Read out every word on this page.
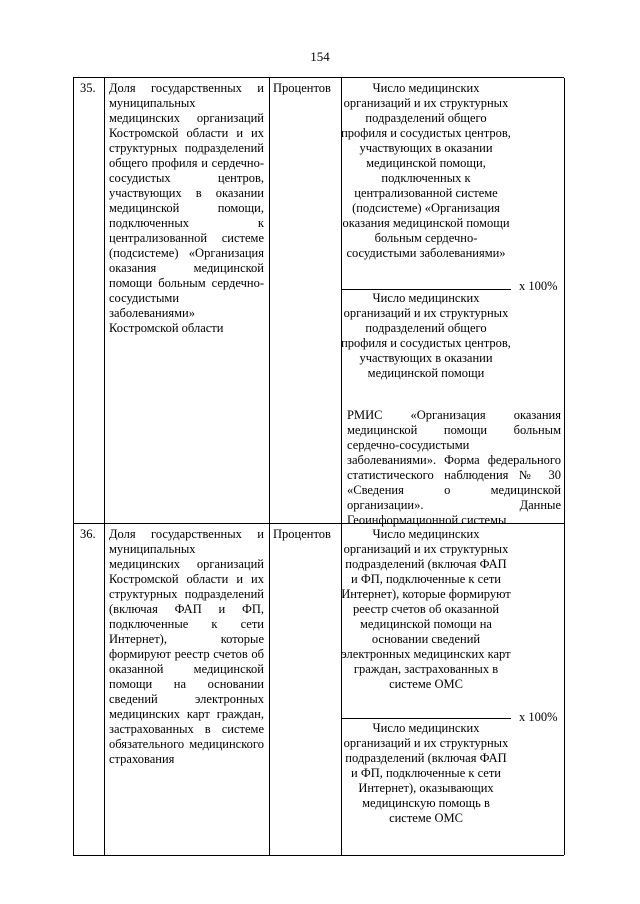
154
35. Доля государственных и муниципальных медицинских организаций Костромской области и их структурных подразделений общего профиля и сердечно-сосудистых центров, участвующих в оказании медицинской помощи, подключенных к централизованной системе (подсистеме) «Организация оказания медицинской помощи больным сердечно-сосудистыми заболеваниями» Костромской области
Процентов	Число медицинских организаций и их структурных подразделений общего профиля и сосудистых центров, участвующих в оказании медицинской помощи, подключенных к централизованной системе (подсистеме) «Организация оказания медицинской помощи больным сердечно-сосудистыми заболеваниями»
х 100%
Число медицинских организаций и их структурных подразделений общего профиля и сосудистых центров, участвующих в оказании медицинской помощи
РМИС «Организация оказания медицинской помощи больным сердечно-сосудистыми заболеваниями». Форма федерального статистического наблюдения № 30 «Сведения о медицинской организации». Данные Геоинформационной системы
36. Доля государственных и муниципальных медицинских организаций Костромской области и их структурных подразделений (включая ФАП и ФП, подключенные к сети Интернет), которые формируют реестр счетов об оказанной медицинской помощи на основании сведений электронных медицинских карт граждан, застрахованных в системе обязательного медицинского страхования
Процентов	Число медицинских организаций и их структурных подразделений (включая ФАП и ФП, подключенные к сети Интернет), которые формируют реестр счетов об оказанной медицинской помощи на основании сведений электронных медицинских карт граждан, застрахованных в системе ОМС
х 100%
Число медицинских организаций и их структурных подразделений (включая ФАП и ФП, подключенные к сети Интернет), оказывающих медицинскую помощь в системе ОМС
